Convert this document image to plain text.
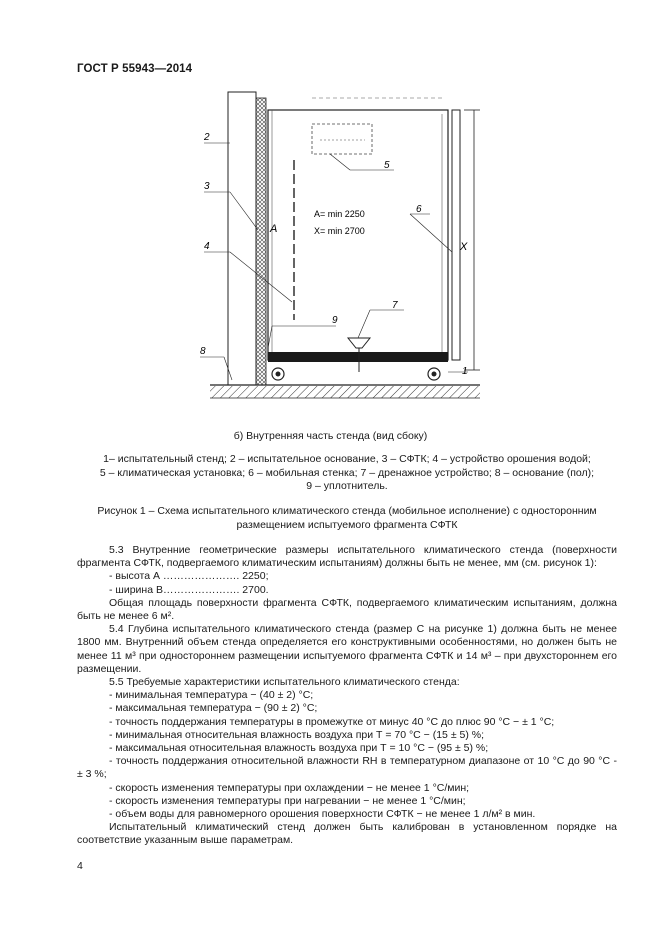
ГОСТ Р 55943—2014
2
3
4
8
А
5
6
Х
7
9
1
А= min 2250
X= min 2700
б) Внутренняя часть стенда (вид сбоку)
1– испытательный стенд; 2 – испытательное основание, 3 – СФТК; 4 – устройство орошения водой;
5 – климатическая установка; 6 – мобильная стенка; 7 – дренажное устройство; 8 – основание (пол);
9 – уплотнитель.
Рисунок 1 – Схема испытательного климатического стенда (мобильное исполнение) с односторонним
размещением испытуемого фрагмента СФТК

5.3 Внутренние геометрические размеры испытательного климатического стенда (поверхности фрагмента СФТК, подвергаемого климатическим испытаниям) должны быть не менее, мм (см. рисунок 1):

- высота А …………………. 2250;

- ширина В…………………. 2700.

Общая площадь поверхности фрагмента СФТК, подвергаемого климатическим испытаниям, должна быть не менее 6 м².

5.4 Глубина испытательного климатического стенда (размер С на рисунке 1) должна быть не менее 1800 мм. Внутренний объем стенда определяется его конструктивными особенностями, но должен быть не менее 11 м³ при одностороннем размещении испытуемого фрагмента СФТК и 14 м³ – при двухстороннем его размещении.

5.5 Требуемые характеристики испытательного климатического стенда:

- минимальная температура − (40 ± 2) °С;

- максимальная температура − (90 ± 2) °С;

- точность поддержания температуры в промежутке от минус 40 °С до плюс 90 °С − ± 1 °С;

- минимальная относительная влажность воздуха при Т = 70 °С − (15 ± 5) %;

- максимальная относительная влажность воздуха при Т = 10 °С − (95 ± 5) %;

- точность поддержания относительной влажности RH в температурном диапазоне от 10 °С до 90 °С - ± 3 %;

- скорость изменения температуры при охлаждении − не менее 1 °С/мин;

- скорость изменения температуры при нагревании − не менее 1 °С/мин;

- объем воды для равномерного орошения поверхности СФТК − не менее 1 л/м² в мин.

Испытательный климатический стенд должен быть калиброван в установленном порядке на соответствие указанным выше параметрам.

4
